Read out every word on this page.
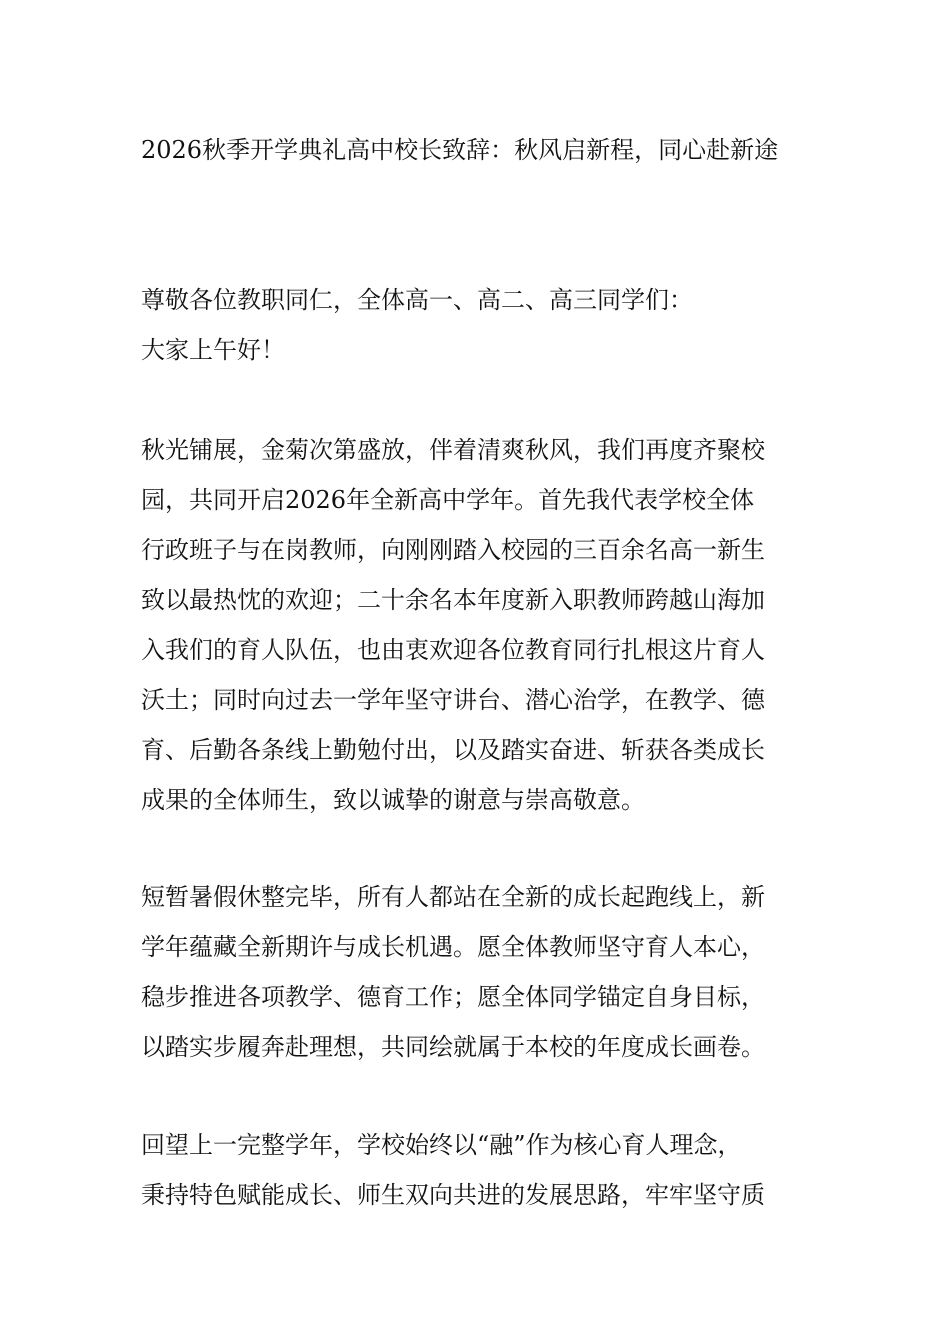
2026秋季开学典礼高中校长致辞：秋风启新程，同心赴新途
尊敬各位教职同仁，全体高一、高二、高三同学们：
大家上午好！
秋光铺展，金菊次第盛放，伴着清爽秋风，我们再度齐聚校
园，共同开启2026年全新高中学年。首先我代表学校全体
行政班子与在岗教师，向刚刚踏入校园的三百余名高一新生
致以最热忱的欢迎；二十余名本年度新入职教师跨越山海加
入我们的育人队伍，也由衷欢迎各位教育同行扎根这片育人
沃土；同时向过去一学年坚守讲台、潜心治学，在教学、德
育、后勤各条线上勤勉付出，以及踏实奋进、斩获各类成长
成果的全体师生，致以诚挚的谢意与崇高敬意。
短暂暑假休整完毕，所有人都站在全新的成长起跑线上，新
学年蕴藏全新期许与成长机遇。愿全体教师坚守育人本心，
稳步推进各项教学、德育工作；愿全体同学锚定自身目标，
以踏实步履奔赴理想，共同绘就属于本校的年度成长画卷。
回望上一完整学年，学校始终以“融”作为核心育人理念，
秉持特色赋能成长、师生双向共进的发展思路，牢牢坚守质
